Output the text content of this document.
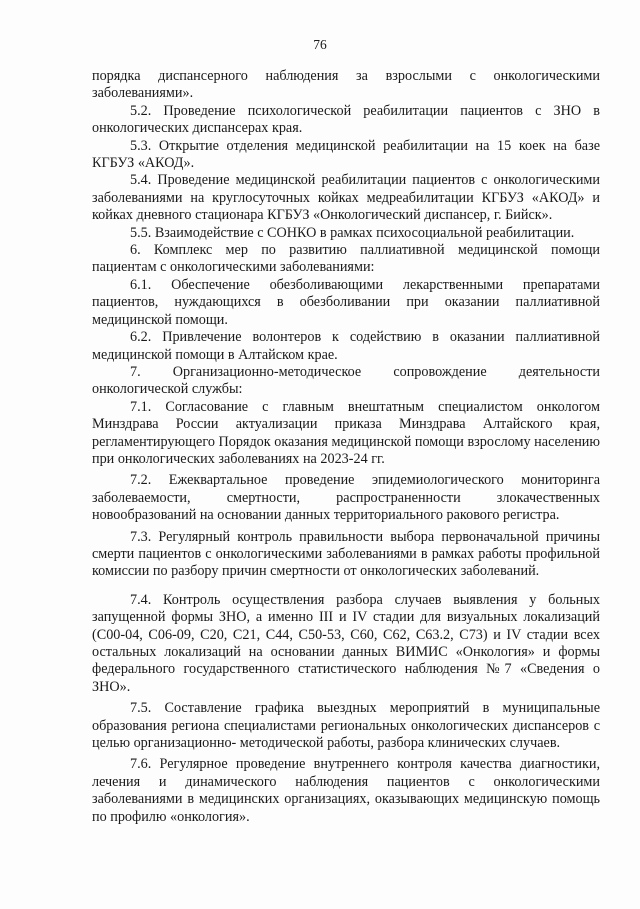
76

порядка диспансерного наблюдения за взрослыми с онкологическими заболеваниями».

5.2. Проведение психологической реабилитации пациентов с ЗНО в онкологических диспансерах края.

5.3. Открытие отделения медицинской реабилитации на 15 коек на базе КГБУЗ «АКОД».

5.4. Проведение медицинской реабилитации пациентов с онкологическими заболеваниями на круглосуточных койках медреабилитации КГБУЗ «АКОД» и койках дневного стационара КГБУЗ «Онкологический диспансер, г. Бийск».

5.5. Взаимодействие с СОНКО в рамках психосоциальной реабилитации.

6. Комплекс мер по развитию паллиативной медицинской помощи пациентам с онкологическими заболеваниями:

6.1. Обеспечение обезболивающими лекарственными препаратами пациентов, нуждающихся в обезболивании при оказании паллиативной медицинской помощи.

6.2. Привлечение волонтеров к содействию в оказании паллиативной медицинской помощи в Алтайском крае.

7. Организационно-методическое сопровождение деятельности онкологической службы:

7.1. Согласование с главным внештатным специалистом онкологом Минздрава России актуализации приказа Минздрава Алтайского края, регламентирующего Порядок оказания медицинской помощи взрослому населению при онкологических заболеваниях на 2023-24 гг.

7.2. Ежеквартальное проведение эпидемиологического мониторинга заболеваемости, смертности, распространенности злокачественных новообразований на основании данных территориального ракового регистра.

7.3. Регулярный контроль правильности выбора первоначальной причины смерти пациентов с онкологическими заболеваниями в рамках работы профильной комиссии по разбору причин смертности от онкологических заболеваний.

7.4. Контроль осуществления разбора случаев выявления у больных запущенной формы ЗНО, а именно III и IV стадии для визуальных локализаций (С00-04, С06-09, С20, С21, С44, С50-53, С60, С62, С63.2, С73) и IV стадии всех остальных локализаций на основании данных ВИМИС «Онкология» и формы федерального государственного статистического наблюдения №7 «Сведения о ЗНО».

7.5. Составление графика выездных мероприятий в муниципальные образования региона специалистами региональных онкологических диспансеров с целью организационно- методической работы, разбора клинических случаев.

7.6. Регулярное проведение внутреннего контроля качества диагностики, лечения и динамического наблюдения пациентов с онкологическими заболеваниями в медицинских организациях, оказывающих медицинскую помощь по профилю «онкология».
